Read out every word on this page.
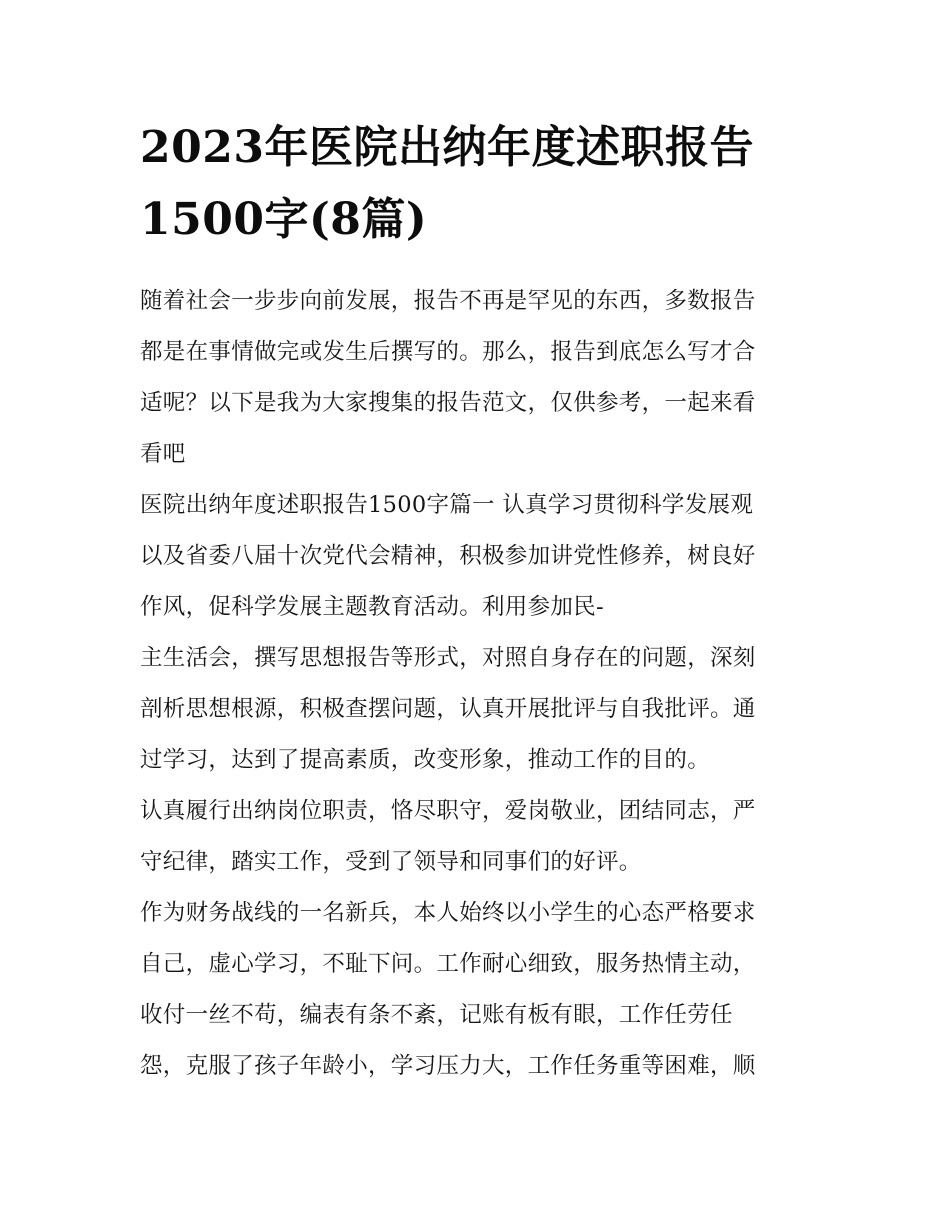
2023年医院出纳年度述职报告1500字(8篇)
随着社会一步步向前发展，报告不再是罕见的东西，多数报告
都是在事情做完或发生后撰写的。那么，报告到底怎么写才合
适呢？以下是我为大家搜集的报告范文，仅供参考，一起来看
看吧
医院出纳年度述职报告1500字篇一 认真学习贯彻科学发展观
以及省委八届十次党代会精神，积极参加讲党性修养，树良好
作风，促科学发展主题教育活动。利用参加民-
主生活会，撰写思想报告等形式，对照自身存在的问题，深刻
剖析思想根源，积极查摆问题，认真开展批评与自我批评。通
过学习，达到了提高素质，改变形象，推动工作的目的。
认真履行出纳岗位职责，恪尽职守，爱岗敬业，团结同志，严
守纪律，踏实工作，受到了领导和同事们的好评。
作为财务战线的一名新兵，本人始终以小学生的心态严格要求
自己，虚心学习，不耻下问。工作耐心细致，服务热情主动，
收付一丝不苟，编表有条不紊，记账有板有眼，工作任劳任
怨，克服了孩子年龄小，学习压力大，工作任务重等困难，顺
